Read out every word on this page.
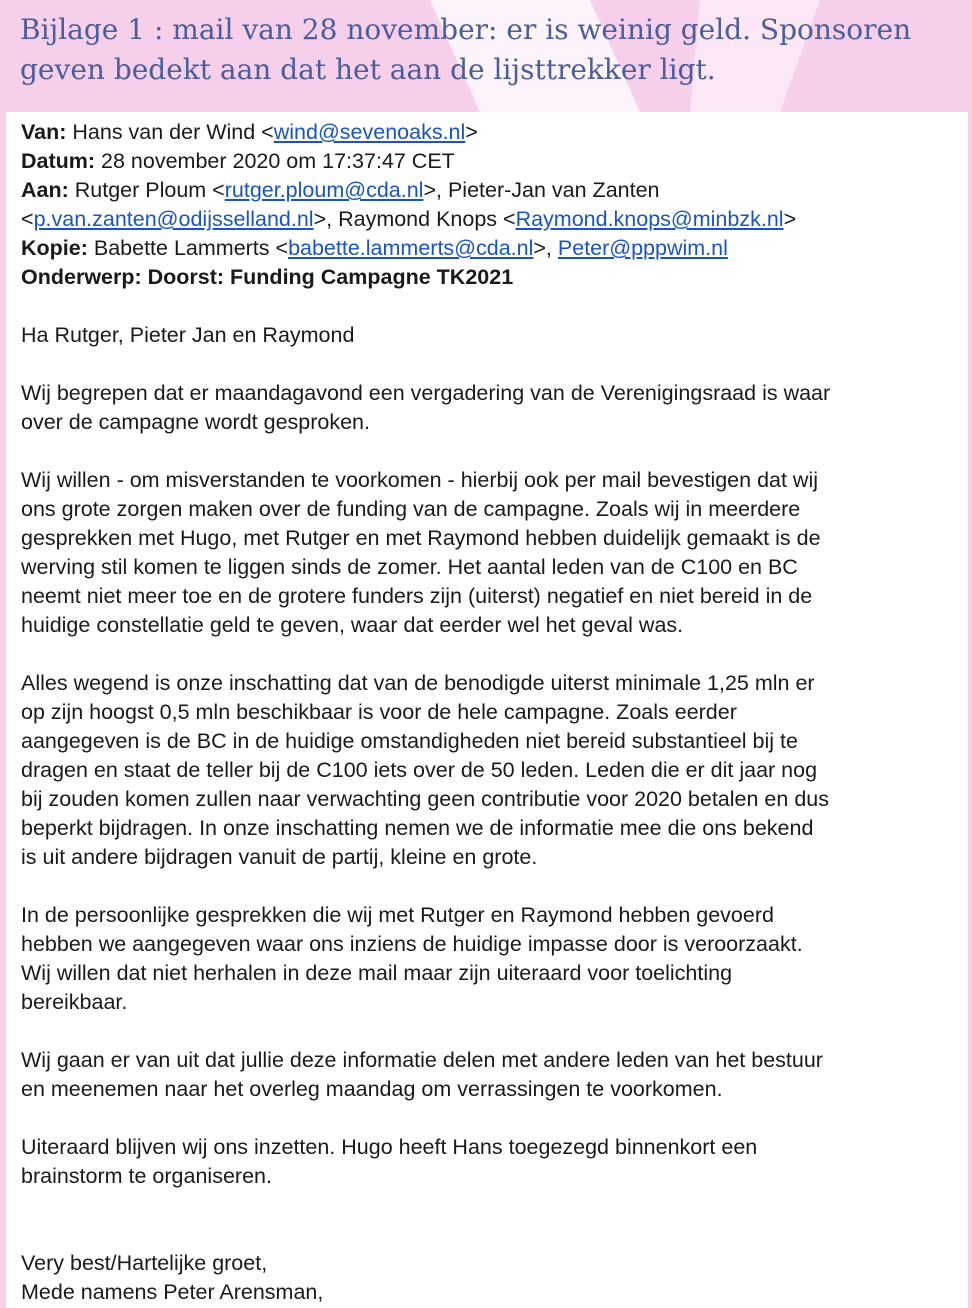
Bijlage 1 : mail van 28 november: er is weinig geld. Sponsoren
geven bedekt aan dat het aan de lijsttrekker ligt.

Van: Hans van der Wind <wind@sevenoaks.nl>

Datum: 28 november 2020 om 17:37:47 CET

Aan: Rutger Ploum <rutger.ploum@cda.nl>, Pieter-Jan van Zanten

<p.van.zanten@odijsselland.nl>, Raymond Knops <Raymond.knops@minbzk.nl>

Kopie: Babette Lammerts <babette.lammerts@cda.nl>, Peter@pppwim.nl

Onderwerp: Doorst: Funding Campagne TK2021

Ha Rutger, Pieter Jan en Raymond

Wij begrepen dat er maandagavond een vergadering van de Verenigingsraad is waar
over de campagne wordt gesproken.

Wij willen - om misverstanden te voorkomen - hierbij ook per mail bevestigen dat wij
ons grote zorgen maken over de funding van de campagne. Zoals wij in meerdere
gesprekken met Hugo, met Rutger en met Raymond hebben duidelijk gemaakt is de
werving stil komen te liggen sinds de zomer. Het aantal leden van de C100 en BC
neemt niet meer toe en de grotere funders zijn (uiterst) negatief en niet bereid in de
huidige constellatie geld te geven, waar dat eerder wel het geval was.

Alles wegend is onze inschatting dat van de benodigde uiterst minimale 1,25 mln er
op zijn hoogst 0,5 mln beschikbaar is voor de hele campagne. Zoals eerder
aangegeven is de BC in de huidige omstandigheden niet bereid substantieel bij te
dragen en staat de teller bij de C100 iets over de 50 leden. Leden die er dit jaar nog
bij zouden komen zullen naar verwachting geen contributie voor 2020 betalen en dus
beperkt bijdragen. In onze inschatting nemen we de informatie mee die ons bekend
is uit andere bijdragen vanuit de partij, kleine en grote.

In de persoonlijke gesprekken die wij met Rutger en Raymond hebben gevoerd
hebben we aangegeven waar ons inziens de huidige impasse door is veroorzaakt.
Wij willen dat niet herhalen in deze mail maar zijn uiteraard voor toelichting
bereikbaar.

Wij gaan er van uit dat jullie deze informatie delen met andere leden van het bestuur
en meenemen naar het overleg maandag om verrassingen te voorkomen.

Uiteraard blijven wij ons inzetten. Hugo heeft Hans toegezegd binnenkort een
brainstorm te organiseren.

Very best/Hartelijke groet,

Mede namens Peter Arensman,
